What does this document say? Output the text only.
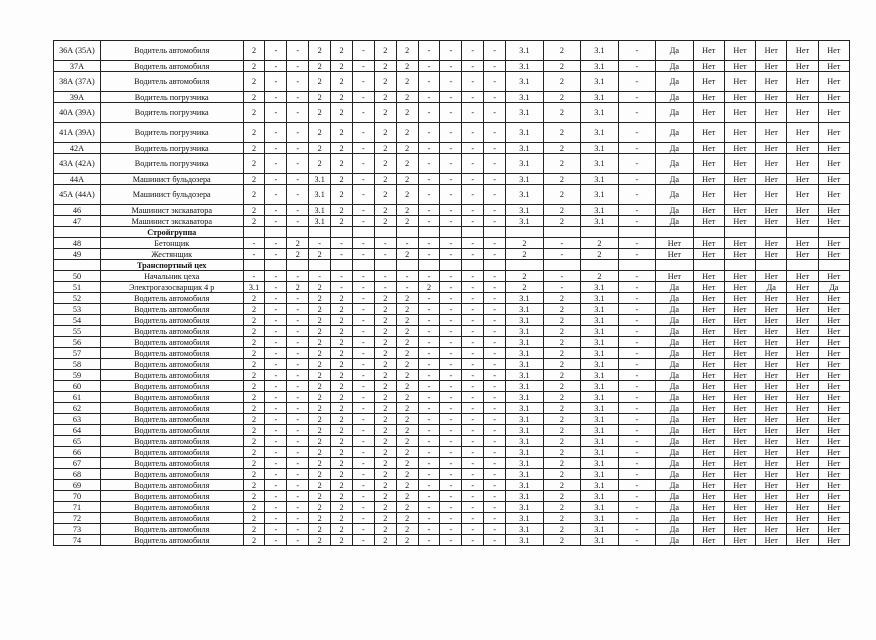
36А (35А)	Водитель автомобиля	2	-	-	2	2	-	2	2	-	-	-	-	3.1	2	3.1	-	Да	Нет	Нет	Нет	Нет	Нет
37А	Водитель автомобиля	2	-	-	2	2	-	2	2	-	-	-	-	3.1	2	3.1	-	Да	Нет	Нет	Нет	Нет	Нет
38А (37А)	Водитель автомобиля	2	-	-	2	2	-	2	2	-	-	-	-	3.1	2	3.1	-	Да	Нет	Нет	Нет	Нет	Нет
39А	Водитель погрузчика	2	-	-	2	2	-	2	2	-	-	-	-	3.1	2	3.1	-	Да	Нет	Нет	Нет	Нет	Нет
40А (39А)	Водитель погрузчика	2	-	-	2	2	-	2	2	-	-	-	-	3.1	2	3.1	-	Да	Нет	Нет	Нет	Нет	Нет
41А (39А)	Водитель погрузчика	2	-	-	2	2	-	2	2	-	-	-	-	3.1	2	3.1	-	Да	Нет	Нет	Нет	Нет	Нет
42А	Водитель погрузчика	2	-	-	2	2	-	2	2	-	-	-	-	3.1	2	3.1	-	Да	Нет	Нет	Нет	Нет	Нет
43А (42А)	Водитель погрузчика	2	-	-	2	2	-	2	2	-	-	-	-	3.1	2	3.1	-	Да	Нет	Нет	Нет	Нет	Нет
44А	Машинист бульдозера	2	-	-	3.1	2	-	2	2	-	-	-	-	3.1	2	3.1	-	Да	Нет	Нет	Нет	Нет	Нет
45А (44А)	Машинист бульдозера	2	-	-	3.1	2	-	2	2	-	-	-	-	3.1	2	3.1	-	Да	Нет	Нет	Нет	Нет	Нет
46	Машинист экскаватора	2	-	-	3.1	2	-	2	2	-	-	-	-	3.1	2	3.1	-	Да	Нет	Нет	Нет	Нет	Нет
47	Машинист экскаватора	2	-	-	3.1	2	-	2	2	-	-	-	-	3.1	2	3.1	-	Да	Нет	Нет	Нет	Нет	Нет
	Стройгруппа																						
48	Бетонщик	-	-	2	-	-	-	-	-	-	-	-	-	2	-	2	-	Нет	Нет	Нет	Нет	Нет	Нет
49	Жестянщик	-	-	2	2	-	-	-	2	-	-	-	-	2	-	2	-	Нет	Нет	Нет	Нет	Нет	Нет
	Транспортный цех																						
50	Начальник цеха	-	-	-	-	-	-	-	-	-	-	-	-	2	-	2	-	Нет	Нет	Нет	Нет	Нет	Нет
51	Электрогазосварщик 4 р	3.1	-	2	2	-	-	-	-	2	-	-	-	2	-	3.1	-	Да	Нет	Нет	Да	Нет	Да
52	Водитель автомобиля	2	-	-	2	2	-	2	2	-	-	-	-	3.1	2	3.1	-	Да	Нет	Нет	Нет	Нет	Нет
53	Водитель автомобиля	2	-	-	2	2	-	2	2	-	-	-	-	3.1	2	3.1	-	Да	Нет	Нет	Нет	Нет	Нет
54	Водитель автомобиля	2	-	-	2	2	-	2	2	-	-	-	-	3.1	2	3.1	-	Да	Нет	Нет	Нет	Нет	Нет
55	Водитель автомобиля	2	-	-	2	2	-	2	2	-	-	-	-	3.1	2	3.1	-	Да	Нет	Нет	Нет	Нет	Нет
56	Водитель автомобиля	2	-	-	2	2	-	2	2	-	-	-	-	3.1	2	3.1	-	Да	Нет	Нет	Нет	Нет	Нет
57	Водитель автомобиля	2	-	-	2	2	-	2	2	-	-	-	-	3.1	2	3.1	-	Да	Нет	Нет	Нет	Нет	Нет
58	Водитель автомобиля	2	-	-	2	2	-	2	2	-	-	-	-	3.1	2	3.1	-	Да	Нет	Нет	Нет	Нет	Нет
59	Водитель автомобиля	2	-	-	2	2	-	2	2	-	-	-	-	3.1	2	3.1	-	Да	Нет	Нет	Нет	Нет	Нет
60	Водитель автомобиля	2	-	-	2	2	-	2	2	-	-	-	-	3.1	2	3.1	-	Да	Нет	Нет	Нет	Нет	Нет
61	Водитель автомобиля	2	-	-	2	2	-	2	2	-	-	-	-	3.1	2	3.1	-	Да	Нет	Нет	Нет	Нет	Нет
62	Водитель автомобиля	2	-	-	2	2	-	2	2	-	-	-	-	3.1	2	3.1	-	Да	Нет	Нет	Нет	Нет	Нет
63	Водитель автомобиля	2	-	-	2	2	-	2	2	-	-	-	-	3.1	2	3.1	-	Да	Нет	Нет	Нет	Нет	Нет
64	Водитель автомобиля	2	-	-	2	2	-	2	2	-	-	-	-	3.1	2	3.1	-	Да	Нет	Нет	Нет	Нет	Нет
65	Водитель автомобиля	2	-	-	2	2	-	2	2	-	-	-	-	3.1	2	3.1	-	Да	Нет	Нет	Нет	Нет	Нет
66	Водитель автомобиля	2	-	-	2	2	-	2	2	-	-	-	-	3.1	2	3.1	-	Да	Нет	Нет	Нет	Нет	Нет
67	Водитель автомобиля	2	-	-	2	2	-	2	2	-	-	-	-	3.1	2	3.1	-	Да	Нет	Нет	Нет	Нет	Нет
68	Водитель автомобиля	2	-	-	2	2	-	2	2	-	-	-	-	3.1	2	3.1	-	Да	Нет	Нет	Нет	Нет	Нет
69	Водитель автомобиля	2	-	-	2	2	-	2	2	-	-	-	-	3.1	2	3.1	-	Да	Нет	Нет	Нет	Нет	Нет
70	Водитель автомобиля	2	-	-	2	2	-	2	2	-	-	-	-	3.1	2	3.1	-	Да	Нет	Нет	Нет	Нет	Нет
71	Водитель автомобиля	2	-	-	2	2	-	2	2	-	-	-	-	3.1	2	3.1	-	Да	Нет	Нет	Нет	Нет	Нет
72	Водитель автомобиля	2	-	-	2	2	-	2	2	-	-	-	-	3.1	2	3.1	-	Да	Нет	Нет	Нет	Нет	Нет
73	Водитель автомобиля	2	-	-	2	2	-	2	2	-	-	-	-	3.1	2	3.1	-	Да	Нет	Нет	Нет	Нет	Нет
74	Водитель автомобиля	2	-	-	2	2	-	2	2	-	-	-	-	3.1	2	3.1	-	Да	Нет	Нет	Нет	Нет	Нет
